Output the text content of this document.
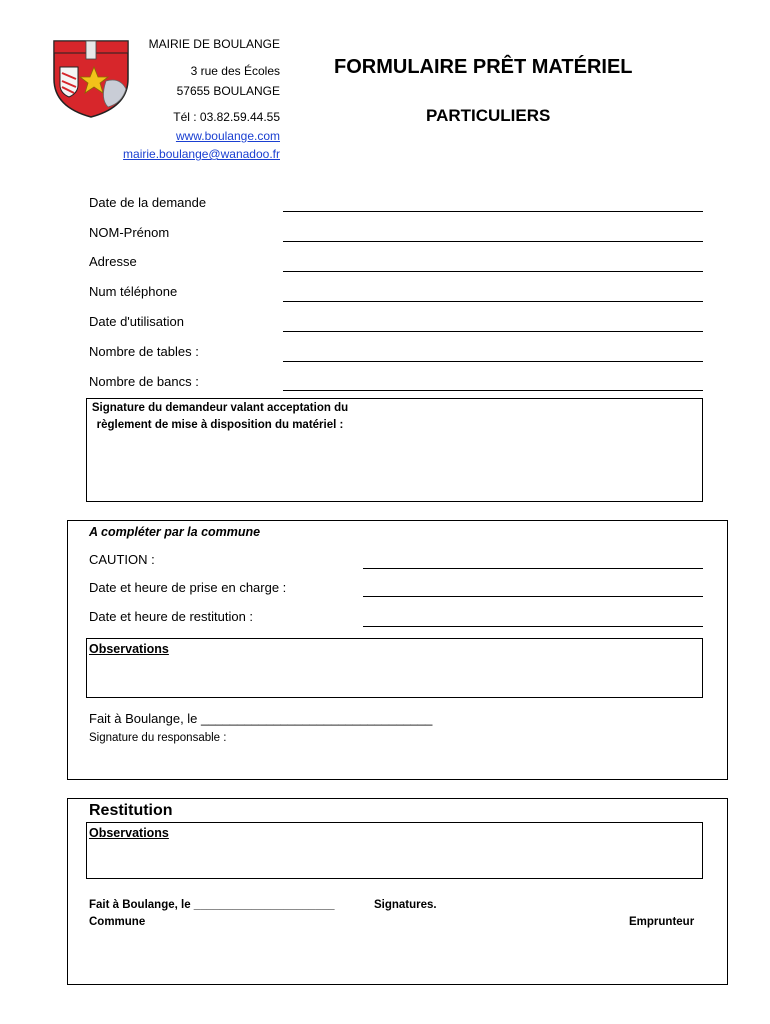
MAIRIE DE BOULANGE
3 rue des Écoles
57655 BOULANGE
Tél : 03.82.59.44.55
www.boulange.com
mairie.boulange@wanadoo.fr
FORMULAIRE PRÊT MATÉRIEL
PARTICULIERS
Date de la demande
NOM-Prénom
Adresse
Num téléphone
Date d'utilisation
Nombre de tables :
Nombre de bancs :
Signature du demandeur valant acceptation du règlement de mise à disposition du matériel :
A compléter par la commune
CAUTION :
Date et heure de prise en charge :
Date et heure de restitution :
Observations
Fait à Boulange, le ________________________________
Signature du responsable :
Restitution
Observations
Fait à Boulange, le ______________________	Signatures.
Commune	Emprunteur
